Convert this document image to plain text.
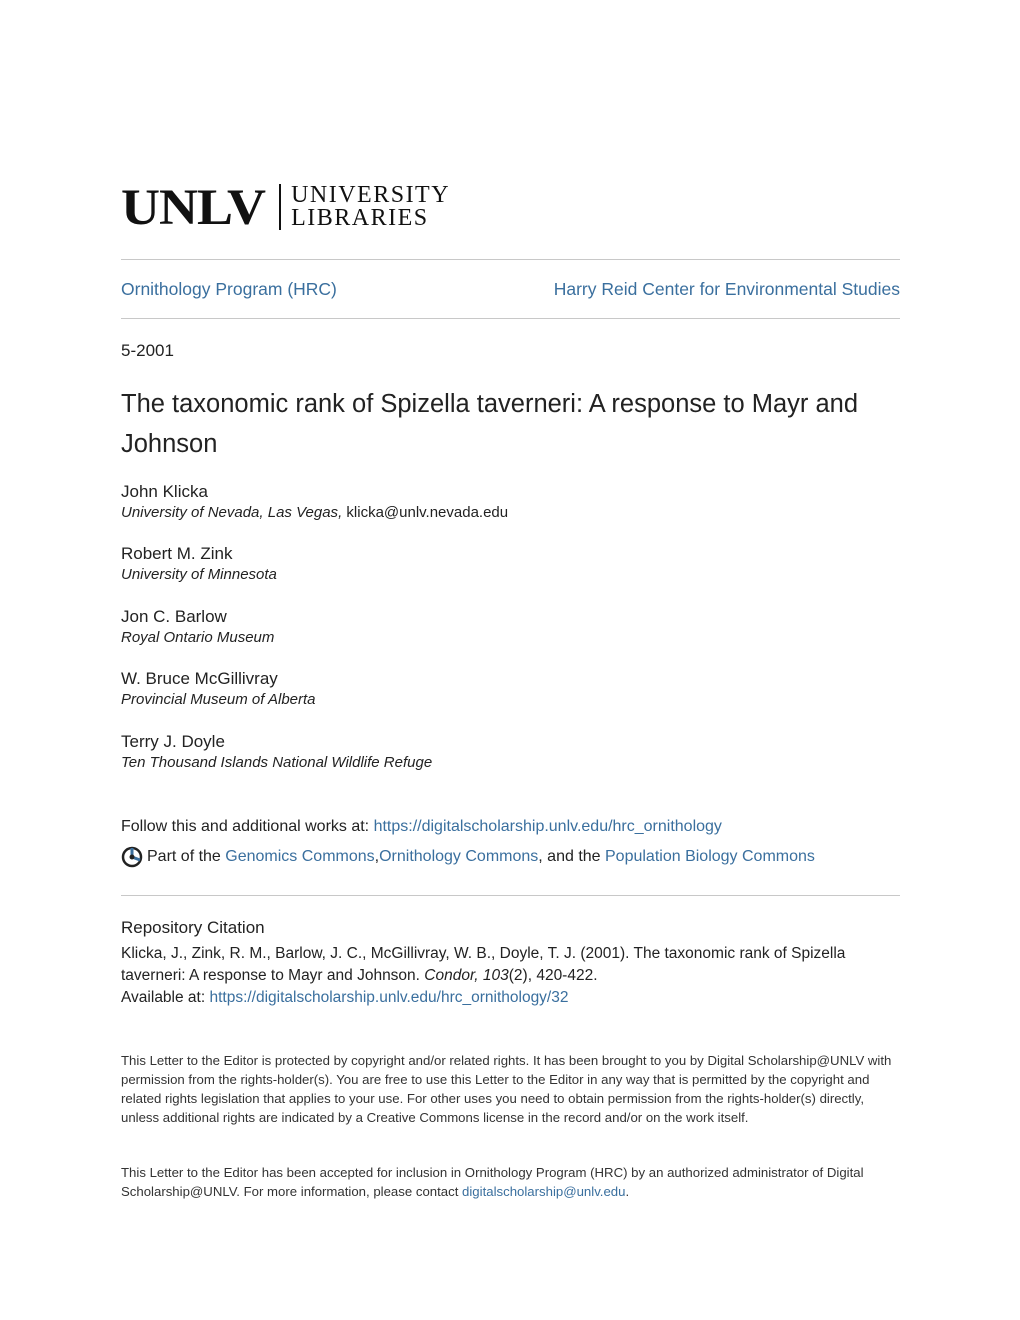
UNLV UNIVERSITY
LIBRARIES
Ornithology Program (HRC)	Harry Reid Center for Environmental Studies
5-2001
The taxonomic rank of Spizella taverneri: A response to Mayr and Johnson
John Klicka
University of Nevada, Las Vegas, klicka@unlv.nevada.edu
Robert M. Zink
University of Minnesota
Jon C. Barlow
Royal Ontario Museum
W. Bruce McGillivray
Provincial Museum of Alberta
Terry J. Doyle
Ten Thousand Islands National Wildlife Refuge
Follow this and additional works at: https://digitalscholarship.unlv.edu/hrc_ornithology
Part of the
Genomics Commons , Ornithology Commons , and the Population Biology Commons
Repository Citation
Klicka, J., Zink, R. M., Barlow, J. C., McGillivray, W. B., Doyle, T. J. (2001). The taxonomic rank of Spizella taverneri: A response to Mayr and Johnson. Condor, 103(2), 420-422.
Available at: https://digitalscholarship.unlv.edu/hrc_ornithology/32
This Letter to the Editor is protected by copyright and/or related rights. It has been brought to you by Digital Scholarship@UNLV with permission from the rights-holder(s). You are free to use this Letter to the Editor in any way that is permitted by the copyright and related rights legislation that applies to your use. For other uses you need to obtain permission from the rights-holder(s) directly, unless additional rights are indicated by a Creative Commons license in the record and/or on the work itself.
This Letter to the Editor has been accepted for inclusion in Ornithology Program (HRC) by an authorized administrator of Digital Scholarship@UNLV. For more information, please contact digitalscholarship@unlv.edu.
